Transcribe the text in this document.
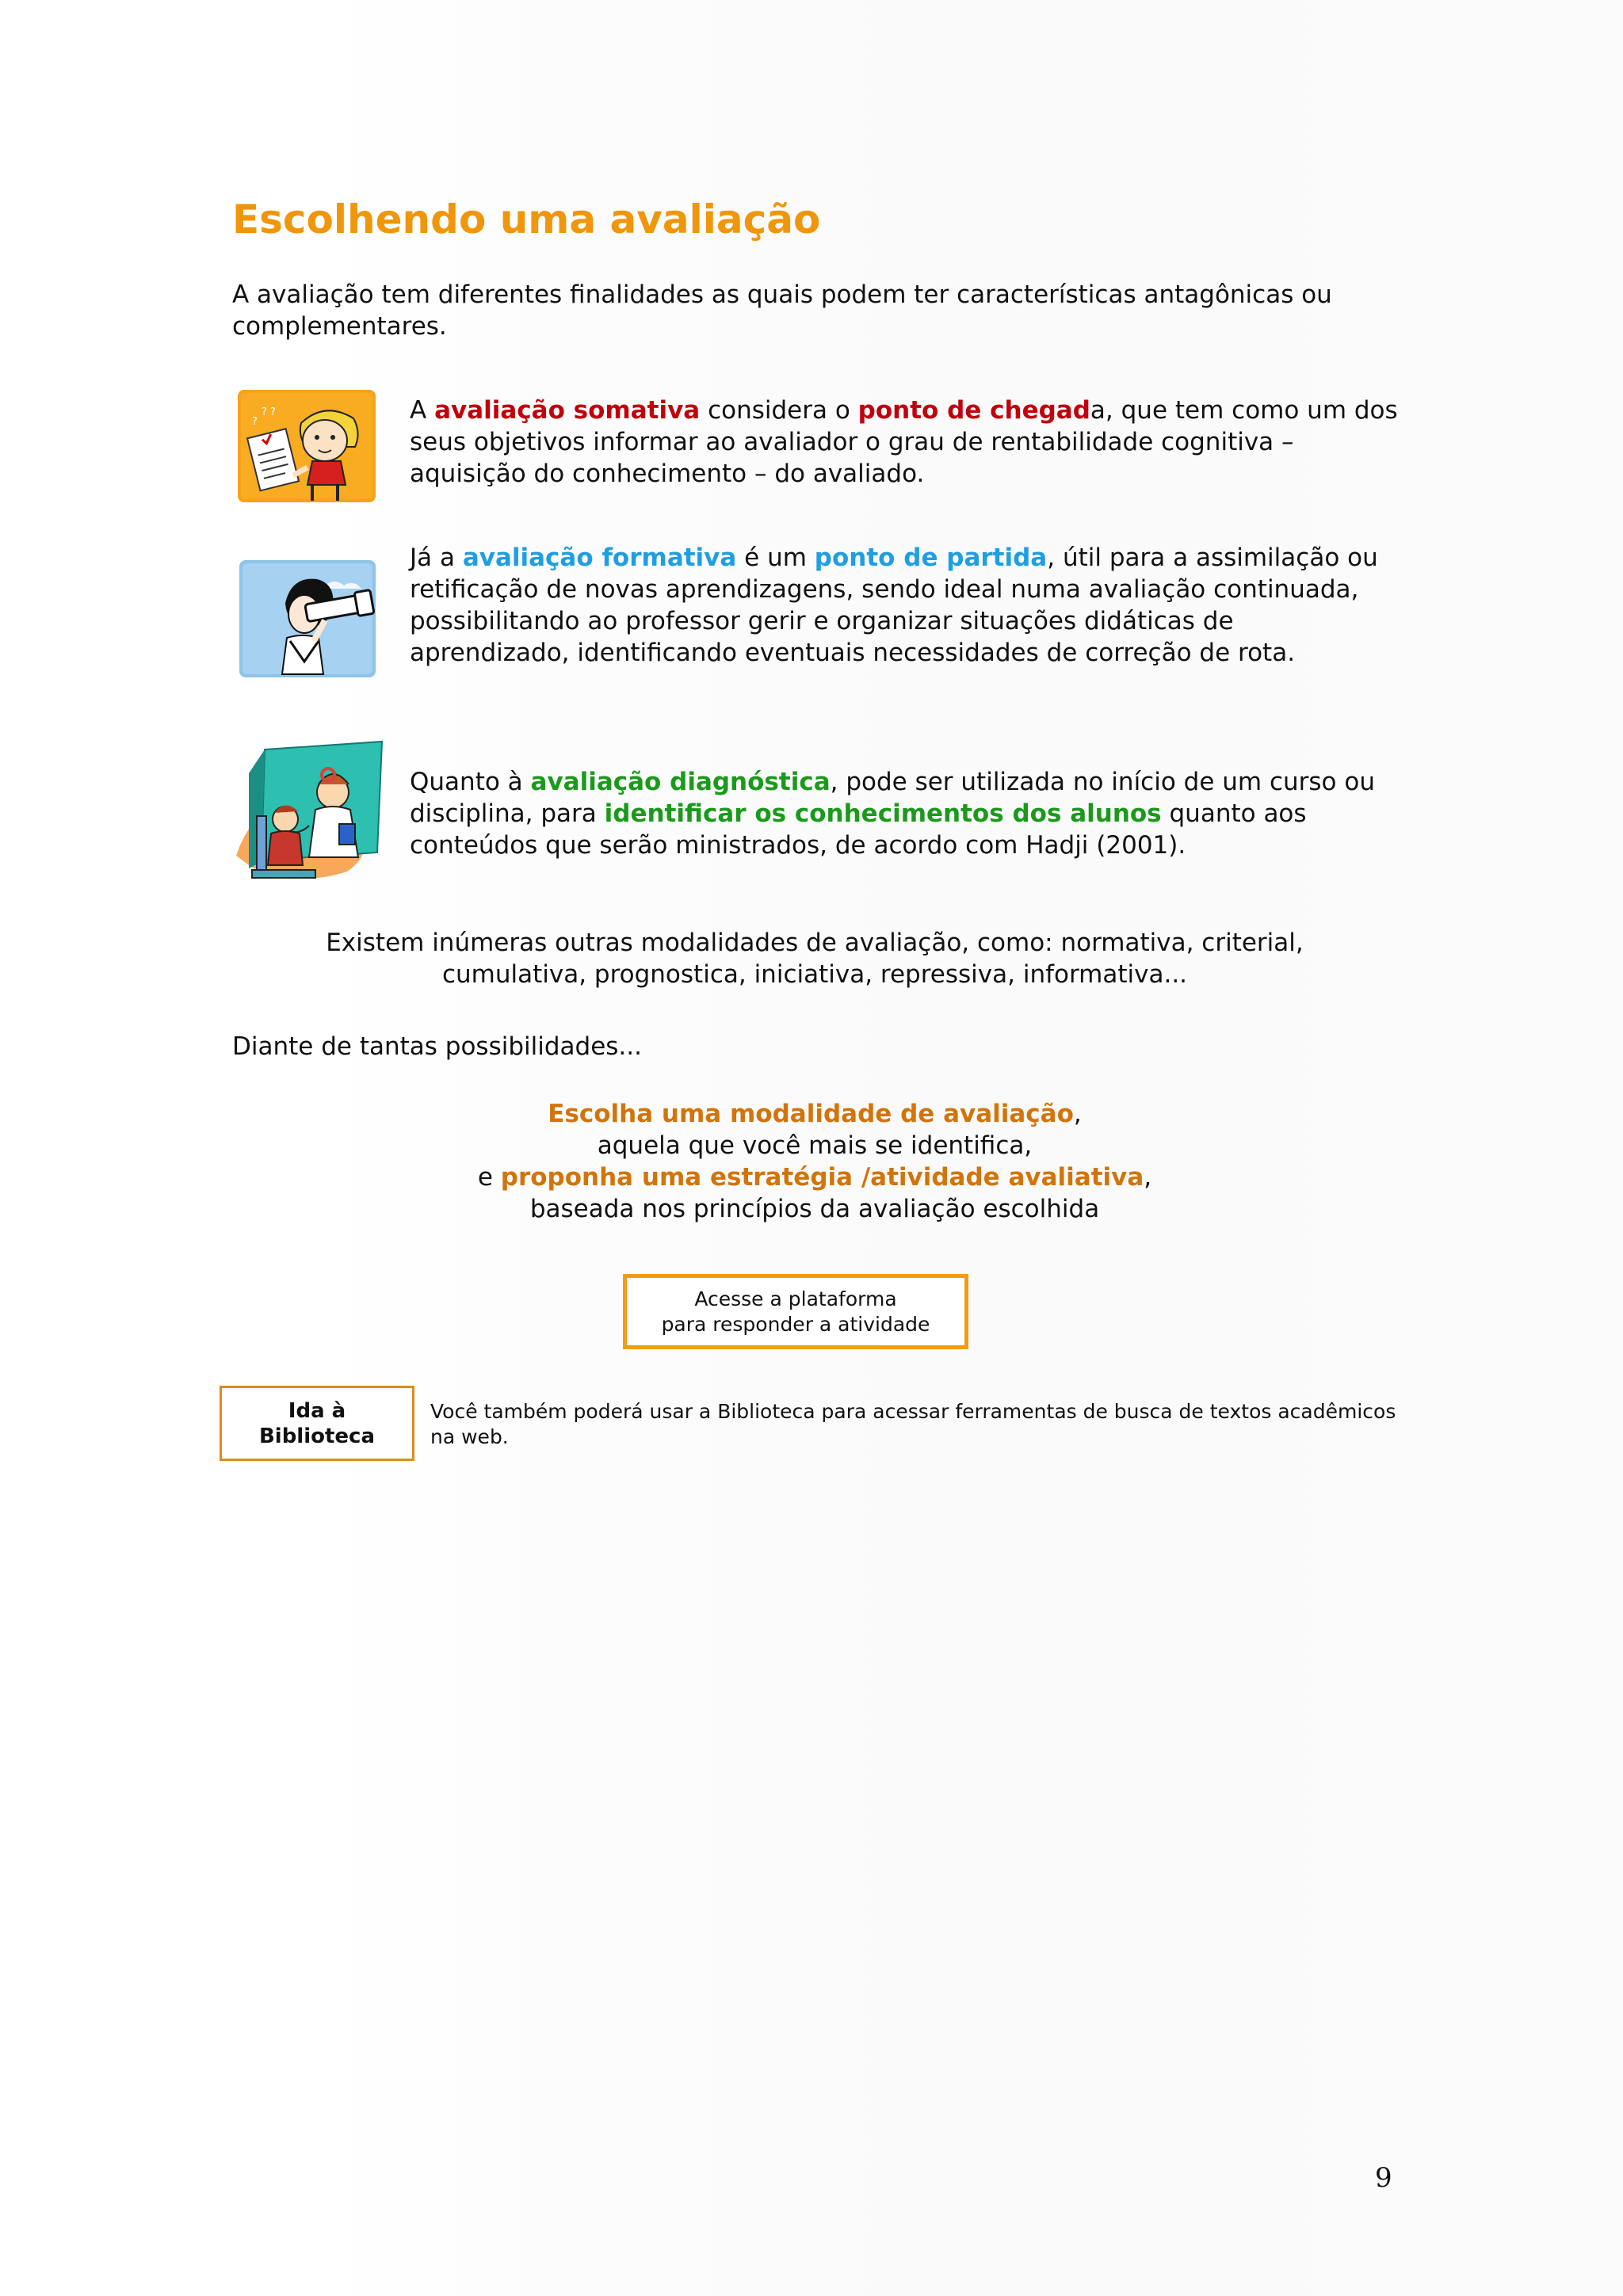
Escolhendo uma avaliação

A avaliação tem diferentes finalidades as quais podem ter características antagônicas ou complementares.

? ?
?	A avaliação somativa considera o ponto de chegada, que tem como um dos seus objetivos informar ao avaliador o grau de rentabilidade cognitiva – aquisição do conhecimento – do avaliado.

Já a avaliação formativa é um ponto de partida, útil para a assimilação ou retificação de novas aprendizagens, sendo ideal numa avaliação continuada, possibilitando ao professor gerir e organizar situações didáticas de aprendizado, identificando eventuais necessidades de correção de rota.

Quanto à avaliação diagnóstica, pode ser utilizada no início de um curso ou disciplina, para identificar os conhecimentos dos alunos quanto aos conteúdos que serão ministrados, de acordo com Hadji (2001).

Existem inúmeras outras modalidades de avaliação, como: normativa, criterial,
cumulativa, prognostica, iniciativa, repressiva, informativa...

Diante de tantas possibilidades...

Escolha uma modalidade de avaliação,
aquela que você mais se identifica,
e proponha uma estratégia /atividade avaliativa,
baseada nos princípios da avaliação escolhida
Acesse a plataforma
para responder a atividade
Ida à
Biblioteca

Você também poderá usar a Biblioteca para acessar ferramentas de busca de textos acadêmicos na web.

9
